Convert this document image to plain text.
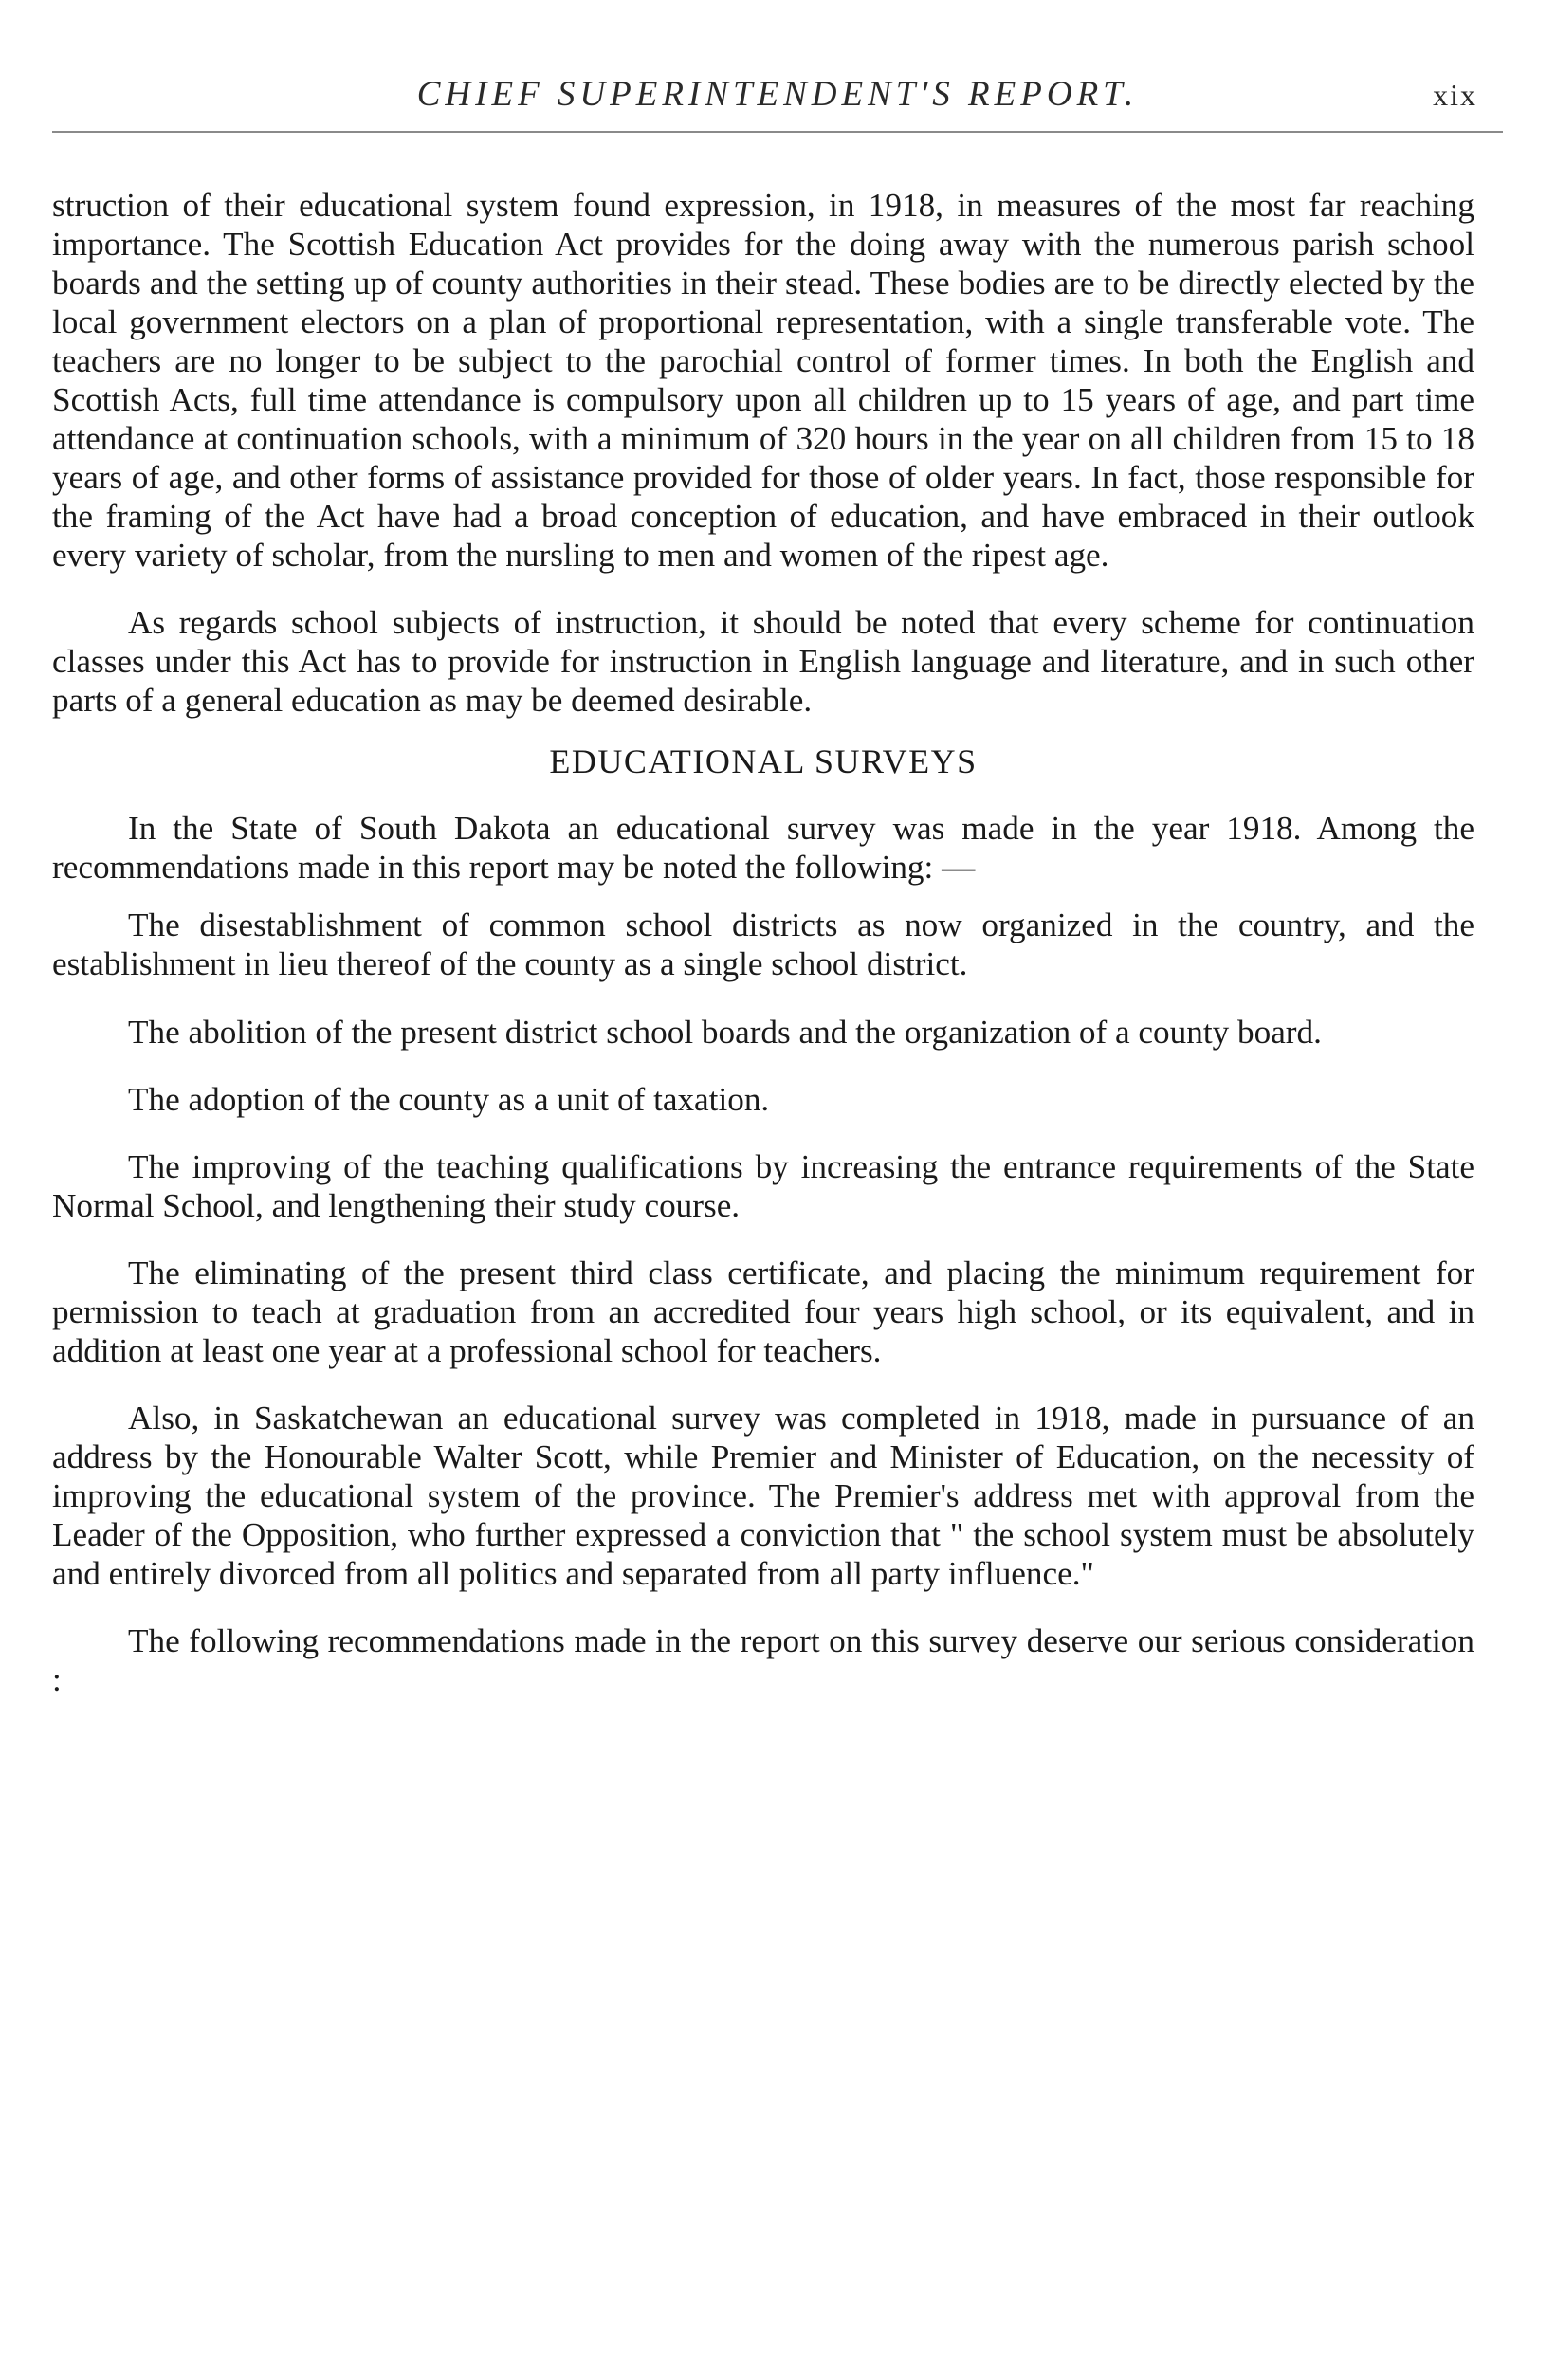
CHIEF SUPERINTENDENT'S REPORT.	xix

struction of their educational system found expression, in 1918, in measures of the most far reaching importance. The Scottish Education Act provides for the doing away with the numerous parish school boards and the setting up of county authorities in their stead. These bodies are to be directly elected by the local government electors on a plan of proportional representation, with a single transferable vote. The teachers are no longer to be subject to the parochial control of former times. In both the English and Scottish Acts, full time attendance is compulsory upon all children up to 15 years of age, and part time attendance at continuation schools, with a minimum of 320 hours in the year on all children from 15 to 18 years of age, and other forms of assistance provided for those of older years. In fact, those responsible for the framing of the Act have had a broad conception of education, and have embraced in their outlook every variety of scholar, from the nursling to men and women of the ripest age.

As regards school subjects of instruction, it should be noted that every scheme for continuation classes under this Act has to provide for instruction in English language and literature, and in such other parts of a general education as may be deemed desirable.

EDUCATIONAL SURVEYS

In the State of South Dakota an educational survey was made in the year 1918. Among the recommendations made in this report may be noted the following: —

The disestablishment of common school districts as now organized in the country, and the establishment in lieu thereof of the county as a single school district.

The abolition of the present district school boards and the organization of a county board.

The adoption of the county as a unit of taxation.

The improving of the teaching qualifications by increasing the entrance requirements of the State Normal School, and lengthening their study course.

The eliminating of the present third class certificate, and placing the minimum requirement for permission to teach at graduation from an accredited four years high school, or its equivalent, and in addition at least one year at a professional school for teachers.

Also, in Saskatchewan an educational survey was completed in 1918, made in pursuance of an address by the Honourable Walter Scott, while Premier and Minister of Education, on the necessity of improving the educational system of the province. The Premier's address met with approval from the Leader of the Opposition, who further expressed a conviction that " the school system must be absolutely and entirely divorced from all politics and separated from all party influence."

The following recommendations made in the report on this survey deserve our serious consideration :
